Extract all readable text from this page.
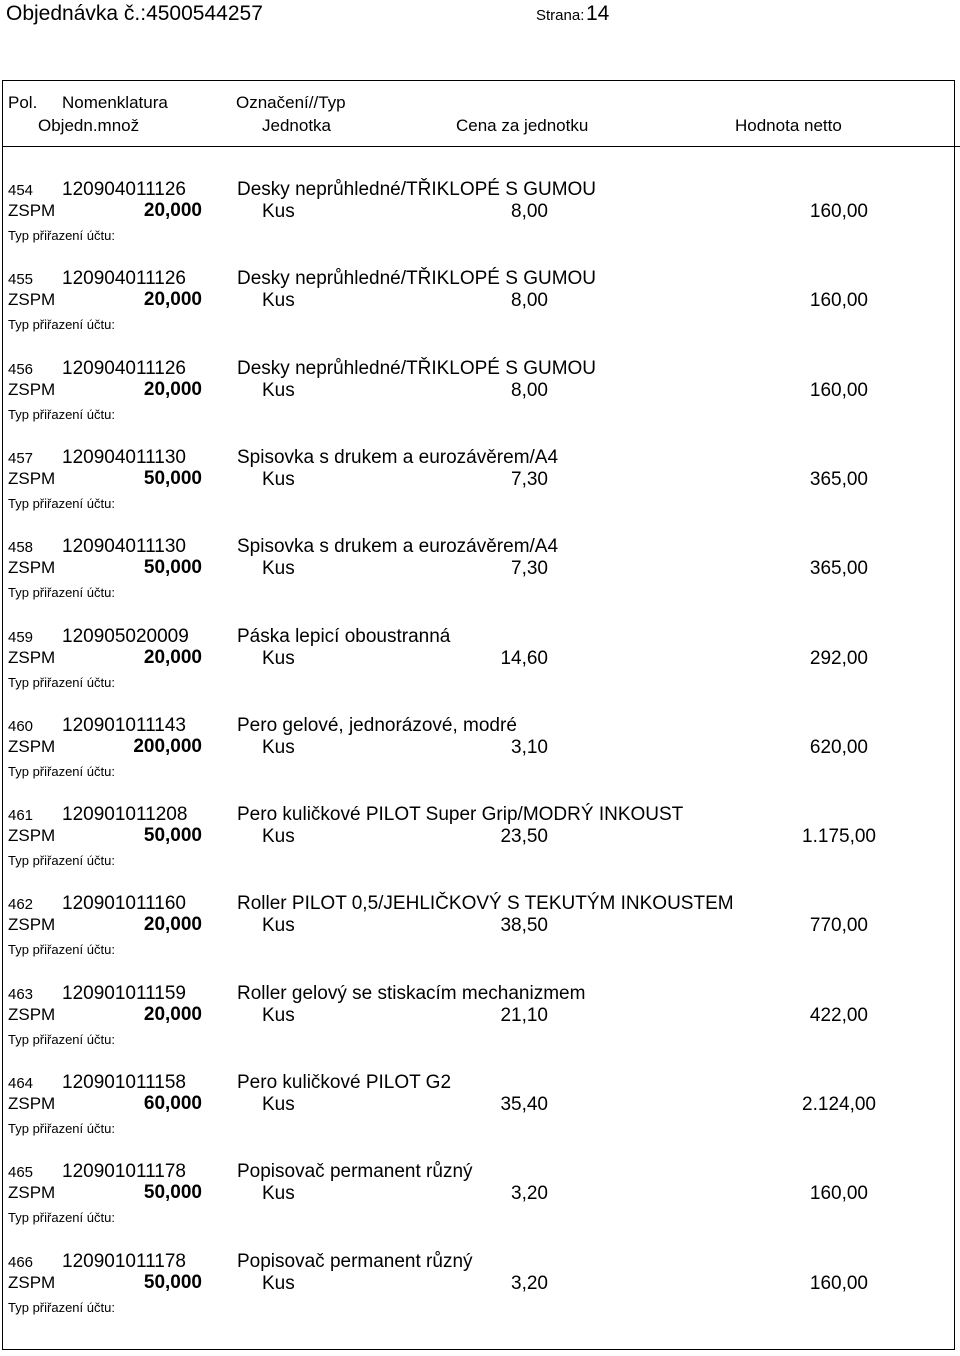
Objednávka č.:4500544257	Strana: 14
Pol. Nomenklatura	Označení//Typ
Objedn.množ	Jednotka	Cena za jednotku	Hodnota netto
454 120904011126	Desky neprůhledné/TŘIKLOPÉ S GUMOU
ZSPM	20,000	Kus	8,00	160,00
Typ přiřazení účtu:
455 120904011126	Desky neprůhledné/TŘIKLOPÉ S GUMOU
ZSPM	20,000	Kus	8,00	160,00
Typ přiřazení účtu:
456 120904011126	Desky neprůhledné/TŘIKLOPÉ S GUMOU
ZSPM	20,000	Kus	8,00	160,00
Typ přiřazení účtu:
457 120904011130	Spisovka s drukem a eurozávěrem/A4
ZSPM	50,000	Kus	7,30	365,00
Typ přiřazení účtu:
458 120904011130	Spisovka s drukem a eurozávěrem/A4
ZSPM	50,000	Kus	7,30	365,00
Typ přiřazení účtu:
459 120905020009	Páska lepicí oboustranná
ZSPM	20,000	Kus	14,60	292,00
Typ přiřazení účtu:
460 120901011143	Pero gelové, jednorázové, modré
ZSPM	200,000	Kus	3,10	620,00
Typ přiřazení účtu:
461 120901011208	Pero kuličkové PILOT Super Grip/MODRÝ INKOUST
ZSPM	50,000	Kus	23,50	1.175,00
Typ přiřazení účtu:
462 120901011160	Roller PILOT 0,5/JEHLIČKOVÝ S TEKUTÝM INKOUSTEM
ZSPM	20,000	Kus	38,50	770,00
Typ přiřazení účtu:
463 120901011159	Roller gelový se stiskacím mechanizmem
ZSPM	20,000	Kus	21,10	422,00
Typ přiřazení účtu:
464 120901011158	Pero kuličkové PILOT G2
ZSPM	60,000	Kus	35,40	2.124,00
Typ přiřazení účtu:
465 120901011178	Popisovač permanent různý
ZSPM	50,000	Kus	3,20	160,00
Typ přiřazení účtu:
466 120901011178	Popisovač permanent různý
ZSPM	50,000	Kus	3,20	160,00
Typ přiřazení účtu:
